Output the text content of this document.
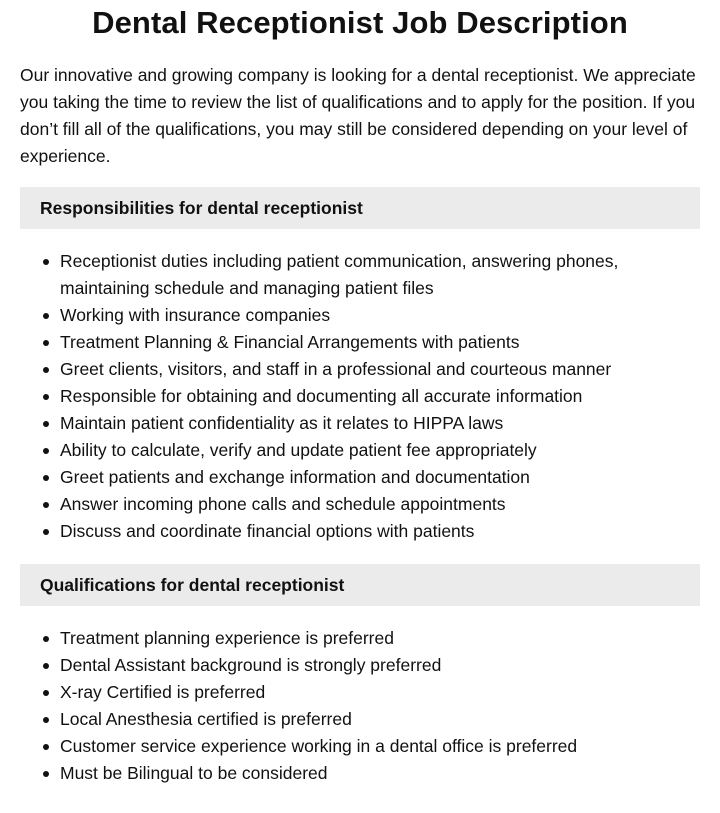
Dental Receptionist Job Description

Our innovative and growing company is looking for a dental receptionist. We appreciate you taking the time to review the list of qualifications and to apply for the position. If you don’t fill all of the qualifications, you may still be considered depending on your level of experience.

Responsibilities for dental receptionist
Receptionist duties including patient communication, answering phones, maintaining schedule and managing patient files
Working with insurance companies
Treatment Planning & Financial Arrangements with patients
Greet clients, visitors, and staff in a professional and courteous manner
Responsible for obtaining and documenting all accurate information
Maintain patient confidentiality as it relates to HIPPA laws
Ability to calculate, verify and update patient fee appropriately
Greet patients and exchange information and documentation
Answer incoming phone calls and schedule appointments
Discuss and coordinate financial options with patients
Qualifications for dental receptionist
Treatment planning experience is preferred
Dental Assistant background is strongly preferred
X-ray Certified is preferred
Local Anesthesia certified is preferred
Customer service experience working in a dental office is preferred
Must be Bilingual to be considered
